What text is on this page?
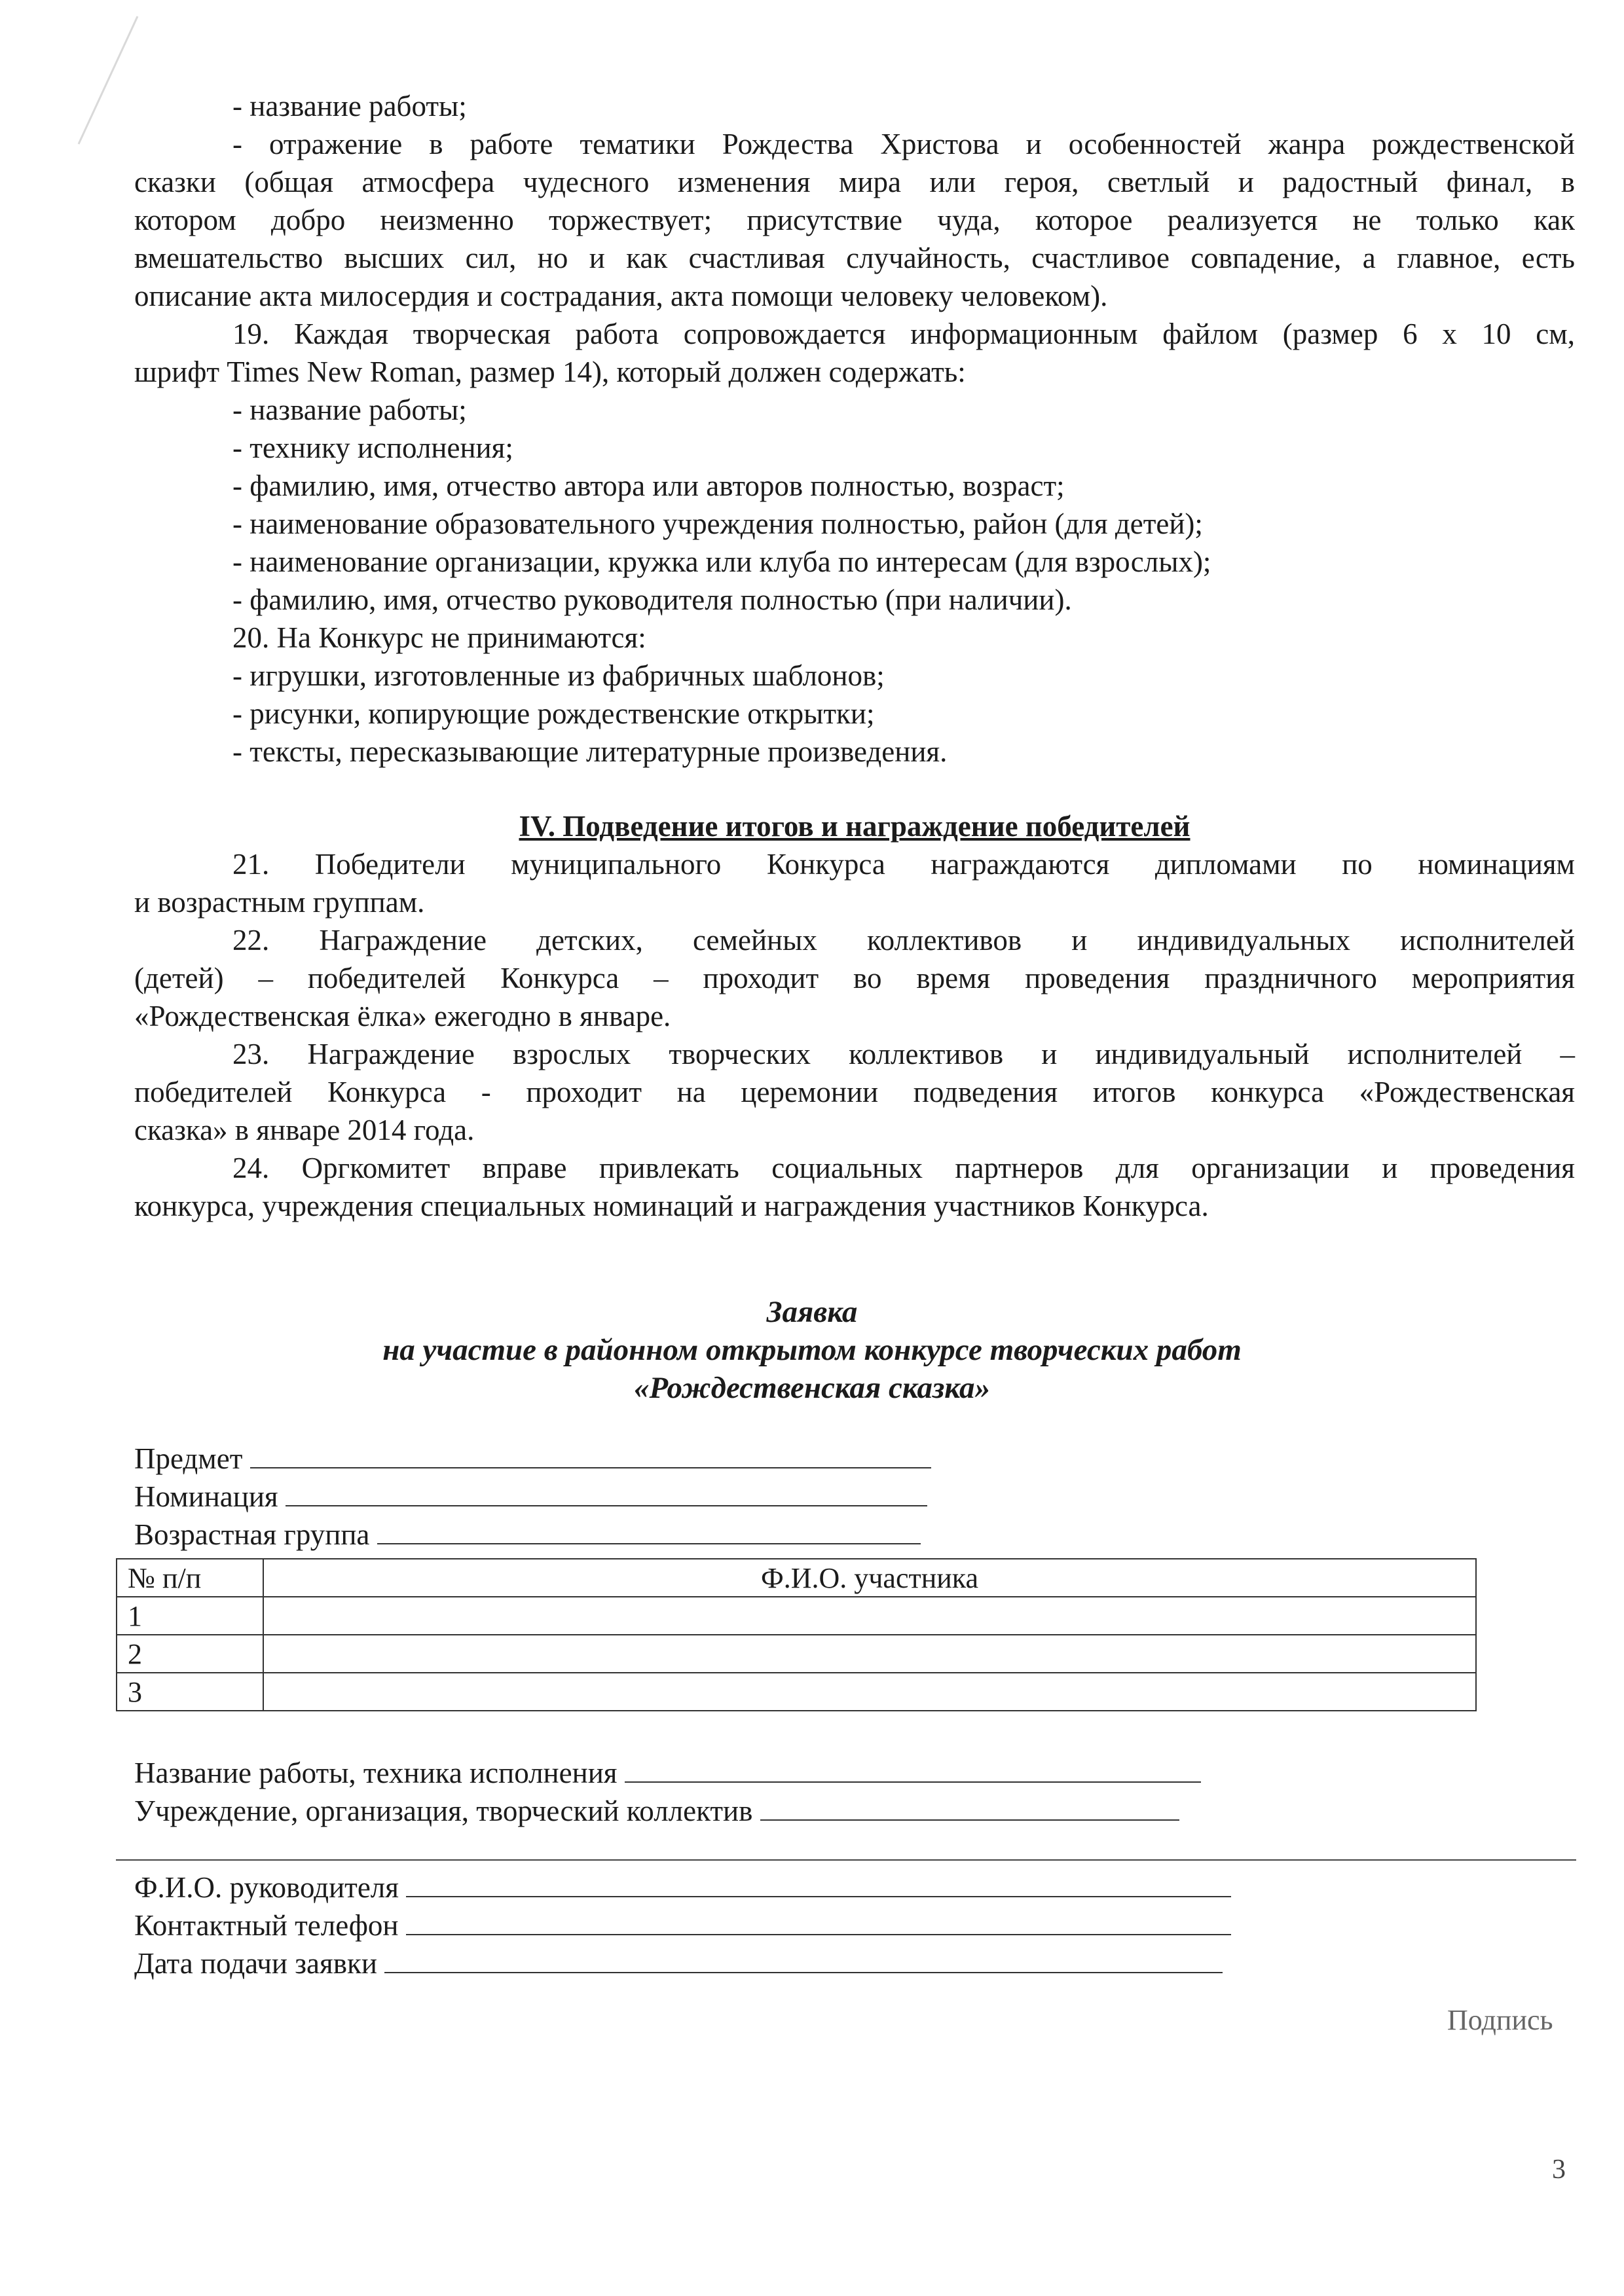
- название работы;
- отражение в работе тематики Рождества Христова и особенностей жанра рождественской
сказки (общая атмосфера чудесного изменения мира или героя, светлый и радостный финал, в
котором добро неизменно торжествует; присутствие чуда, которое реализуется не только как
вмешательство высших сил, но и как счастливая случайность, счастливое совпадение, а главное, есть
описание акта милосердия и сострадания, акта помощи человеку человеком).
19. Каждая творческая работа сопровождается информационным файлом (размер 6 х 10 см,
шрифт Times New Roman, размер 14), который должен содержать:
- название работы;
- технику исполнения;
- фамилию, имя, отчество автора или авторов полностью, возраст;
- наименование образовательного учреждения полностью, район (для детей);
- наименование организации, кружка или клуба по интересам (для взрослых);
- фамилию, имя, отчество руководителя полностью (при наличии).
20. На Конкурс не принимаются:
- игрушки, изготовленные из фабричных шаблонов;
- рисунки, копирующие рождественские открытки;
- тексты, пересказывающие литературные произведения.
IV. Подведение итогов и награждение победителей
21. Победители муниципального Конкурса награждаются дипломами по номинациям
и возрастным группам.
22. Награждение детских, семейных коллективов и индивидуальных исполнителей
(детей) – победителей Конкурса – проходит во время проведения праздничного мероприятия
«Рождественская ёлка» ежегодно в январе.
23. Награждение взрослых творческих коллективов и индивидуальный исполнителей –
победителей Конкурса - проходит на церемонии подведения итогов конкурса «Рождественская
сказка» в январе 2014 года.
24. Оргкомитет вправе привлекать социальных партнеров для организации и проведения
конкурса, учреждения специальных номинаций и награждения участников Конкурса.
Заявка
на участие в районном открытом конкурсе творческих работ
«Рождественская сказка»
Предмет
Номинация
Возрастная группа
№ п/п	Ф.И.О. участника
1	
2	
3	
Название работы, техника исполнения
Учреждение, организация, творческий коллектив
Ф.И.О. руководителя
Контактный телефон
Дата подачи заявки
Подпись
3
